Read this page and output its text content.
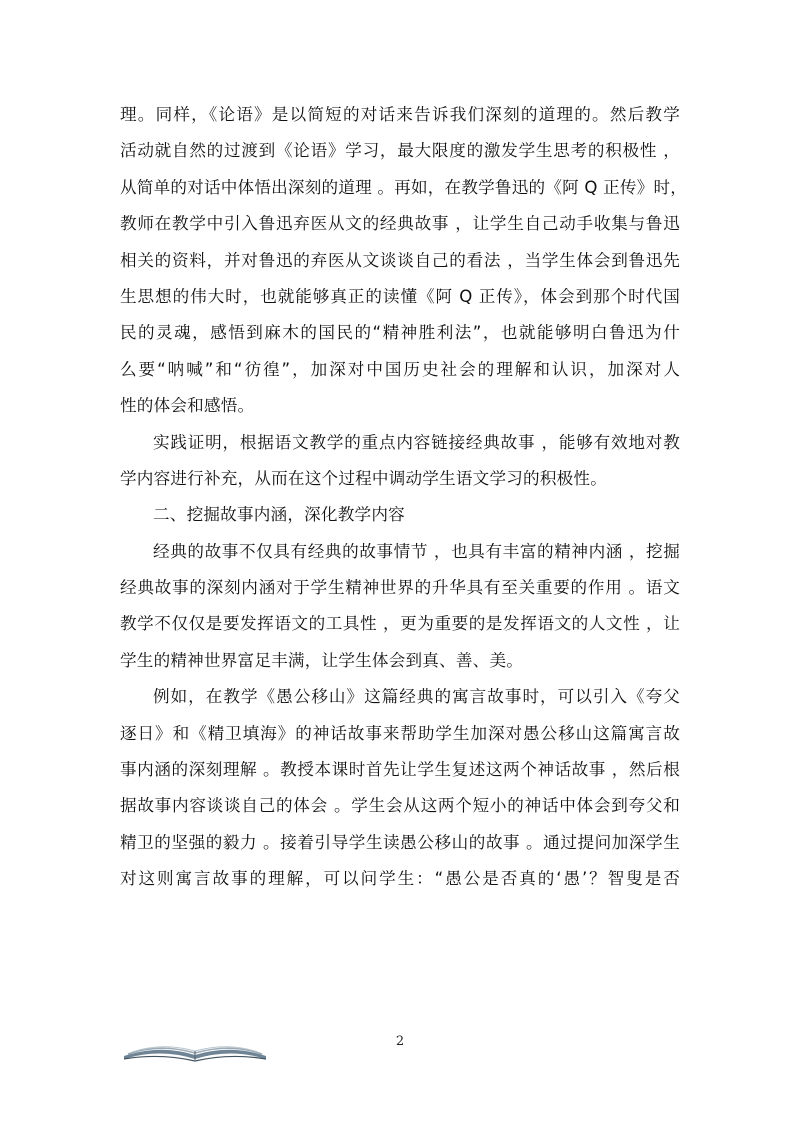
理。同样，《论语》是以简短的对话来告诉我们深刻的道理的。然后教学
活动就自然的过渡到《论语》学习，最大限度的激发学生思考的积极性 ，
从简单的对话中体悟出深刻的道理 。再如，在教学鲁迅的《阿 Q 正传》时，
教师在教学中引入鲁迅弃医从文的经典故事 ，让学生自己动手收集与鲁迅
相关的资料，并对鲁迅的弃医从文谈谈自己的看法 ，当学生体会到鲁迅先
生思想的伟大时，也就能够真正的读懂《阿 Q 正传》，体会到那个时代国
民的灵魂，感悟到麻木的国民的“精神胜利法”，也就能够明白鲁迅为什
么要“呐喊”和“彷徨”，加深对中国历史社会的理解和认识，加深对人
性的体会和感悟。
实践证明，根据语文教学的重点内容链接经典故事 ，能够有效地对教
学内容进行补充，从而在这个过程中调动学生语文学习的积极性。
二、挖掘故事内涵，深化教学内容
经典的故事不仅具有经典的故事情节 ，也具有丰富的精神内涵 ，挖掘
经典故事的深刻内涵对于学生精神世界的升华具有至关重要的作用 。语文
教学不仅仅是要发挥语文的工具性 ，更为重要的是发挥语文的人文性 ，让
学生的精神世界富足丰满，让学生体会到真、善、美。
例如，在教学《愚公移山》这篇经典的寓言故事时，可以引入《夸父
逐日》和《精卫填海》的神话故事来帮助学生加深对愚公移山这篇寓言故
事内涵的深刻理解 。教授本课时首先让学生复述这两个神话故事 ，然后根
据故事内容谈谈自己的体会 。学生会从这两个短小的神话中体会到夸父和
精卫的坚强的毅力 。接着引导学生读愚公移山的故事 。通过提问加深学生
对这则寓言故事的理解，可以问学生：“愚公是否真的‘愚’？智叟是否
2
